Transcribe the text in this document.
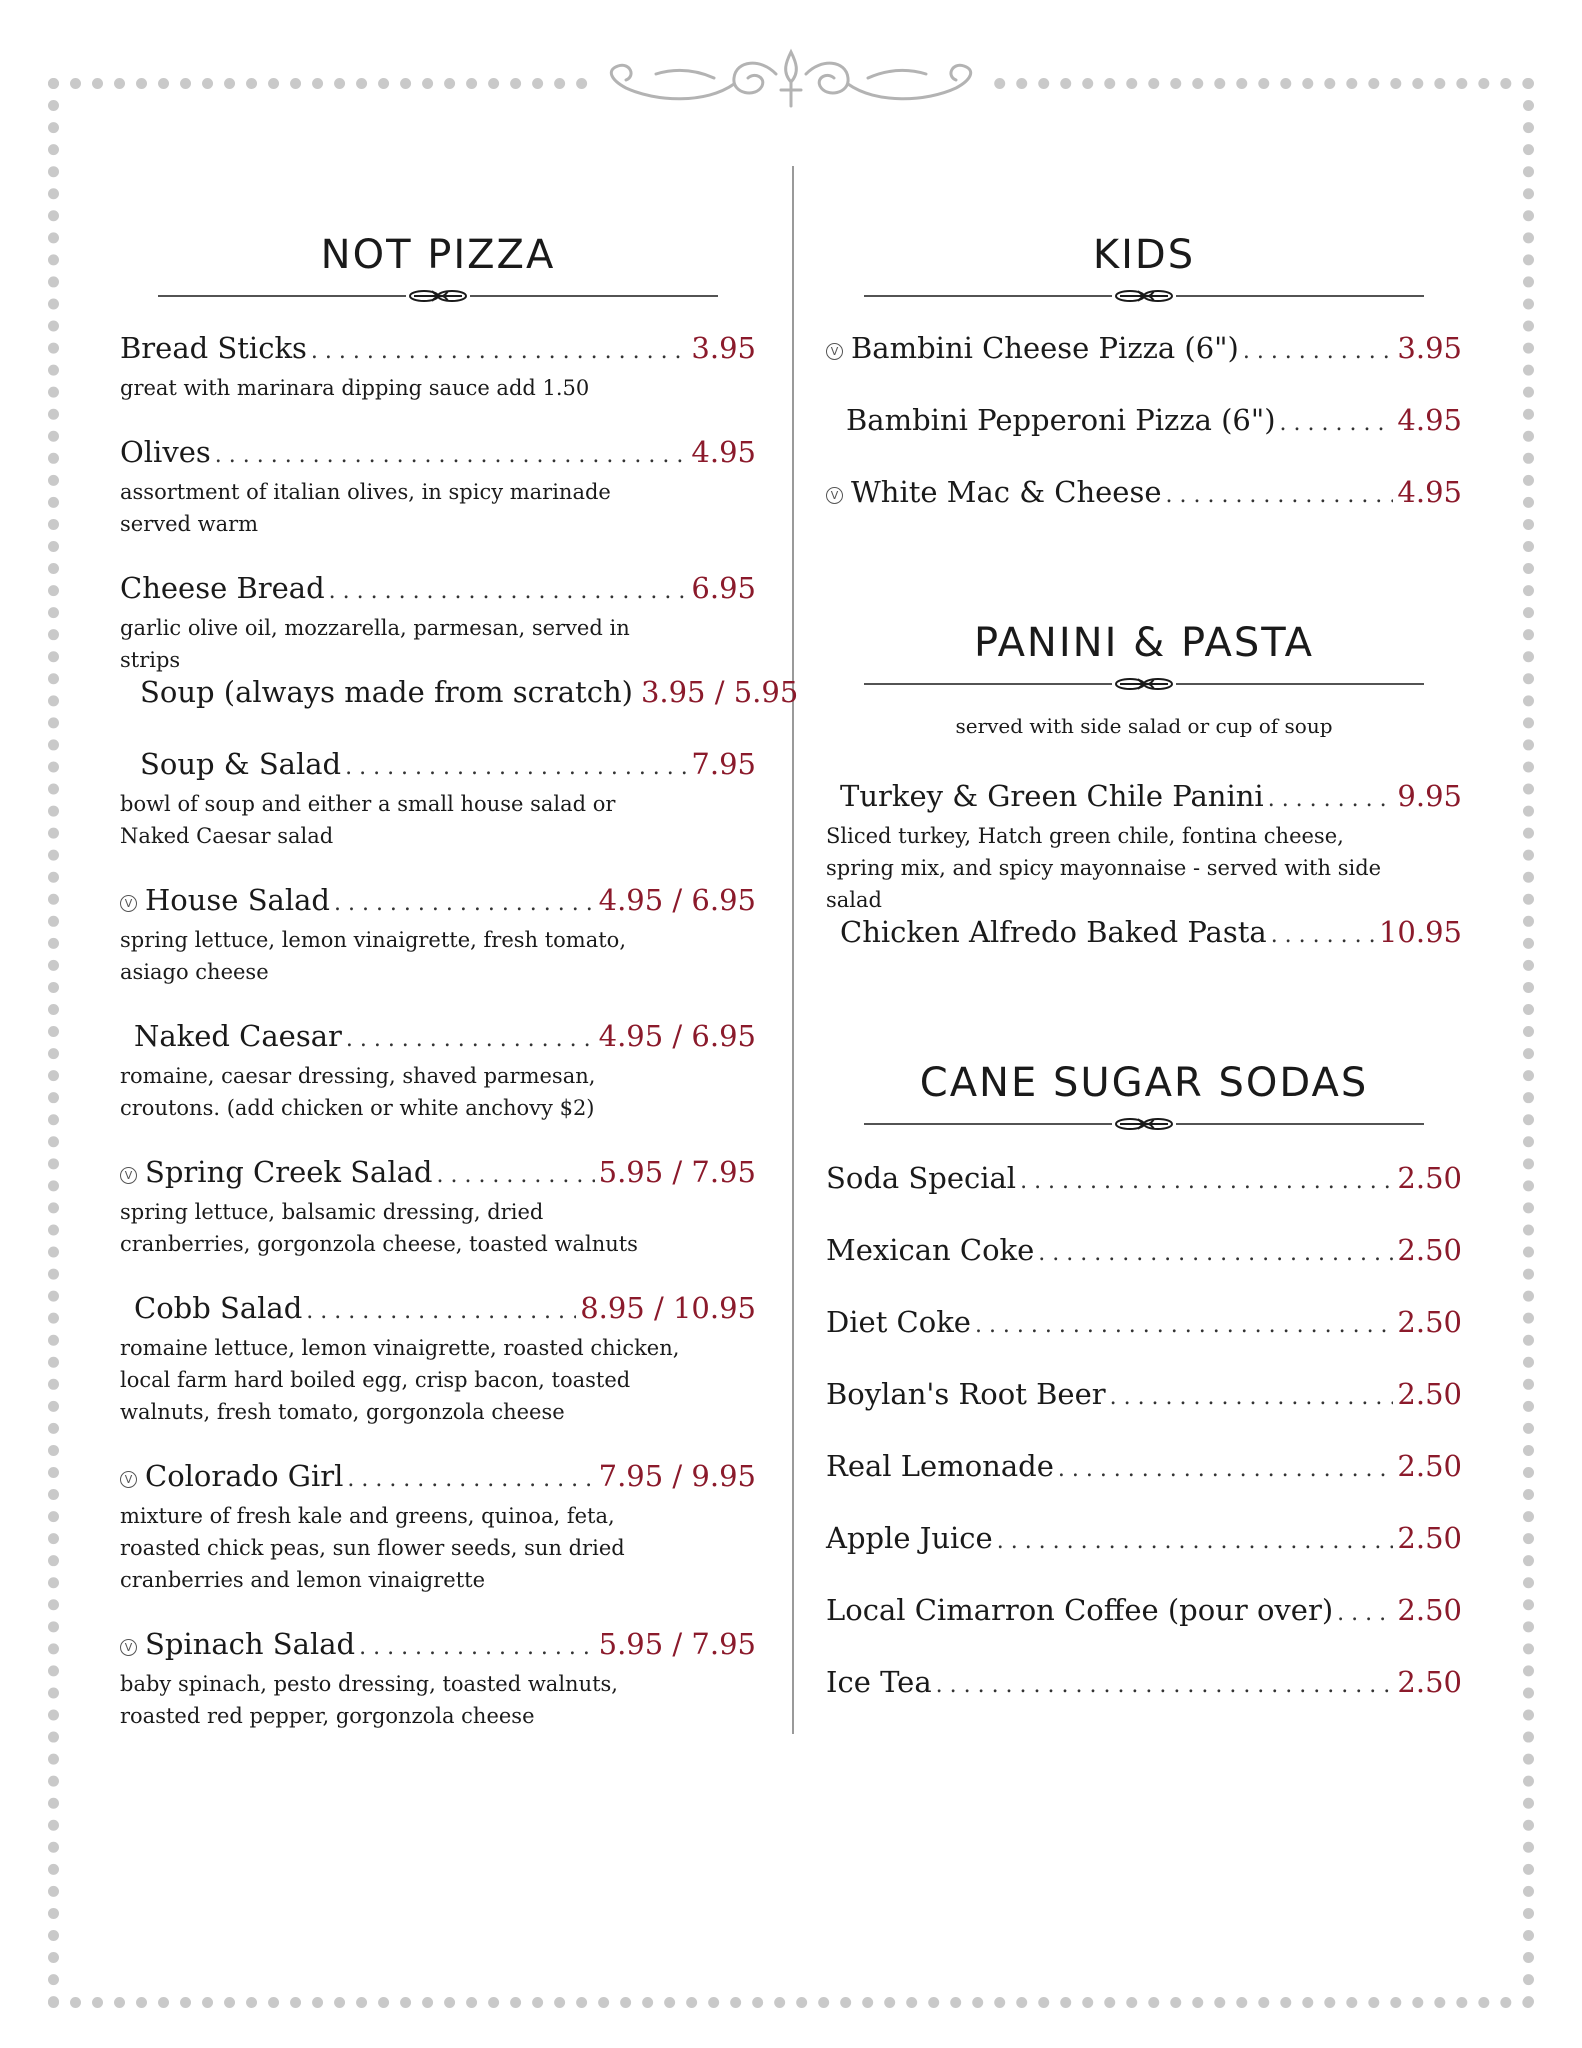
NOT PIZZA
Bread Sticks . . .	3.95
great with marinara dipping sauce add 1.50
Olives . . .	4.95
assortment of italian olives, in spicy marinade served warm
Cheese Bread . . .	6.95
garlic olive oil, mozzarella, parmesan, served in strips
Soup (always made from scratch) 3.95 / 5.95
Soup & Salad . . .	7.95
bowl of soup and either a small house salad or Naked Caesar salad
V House Salad . . .	4.95 / 6.95
spring lettuce, lemon vinaigrette, fresh tomato, asiago cheese
Naked Caesar . . .	4.95 / 6.95
romaine, caesar dressing, shaved parmesan, croutons. (add chicken or white anchovy $2)
V Spring Creek Salad . . .	5.95 / 7.95
spring lettuce, balsamic dressing, dried cranberries, gorgonzola cheese, toasted walnuts
Cobb Salad . . .	8.95 / 10.95
romaine lettuce, lemon vinaigrette, roasted chicken, local farm hard boiled egg, crisp bacon, toasted walnuts, fresh tomato, gorgonzola cheese
V Colorado Girl . . .	7.95 / 9.95
mixture of fresh kale and greens, quinoa, feta, roasted chick peas, sun flower seeds, sun dried cranberries and lemon vinaigrette
V Spinach Salad . . .	5.95 / 7.95
baby spinach, pesto dressing, toasted walnuts, roasted red pepper, gorgonzola cheese
KIDS
V Bambini Cheese Pizza (6") . . .	3.95
Bambini Pepperoni Pizza (6") . . .	4.95
V White Mac & Cheese . . .	4.95
PANINI & PASTA
served with side salad or cup of soup
Turkey & Green Chile Panini . . .	9.95
Sliced turkey, Hatch green chile, fontina cheese, spring mix, and spicy mayonnaise - served with side salad
Chicken Alfredo Baked Pasta . . .	10.95
CANE SUGAR SODAS
Soda Special . . .	2.50
Mexican Coke . . .	2.50
Diet Coke . . .	2.50
Boylan's Root Beer . . .	2.50
Real Lemonade . . .	2.50
Apple Juice . . .	2.50
Local Cimarron Coffee (pour over) . . . 2.50
Ice Tea . . .	2.50
